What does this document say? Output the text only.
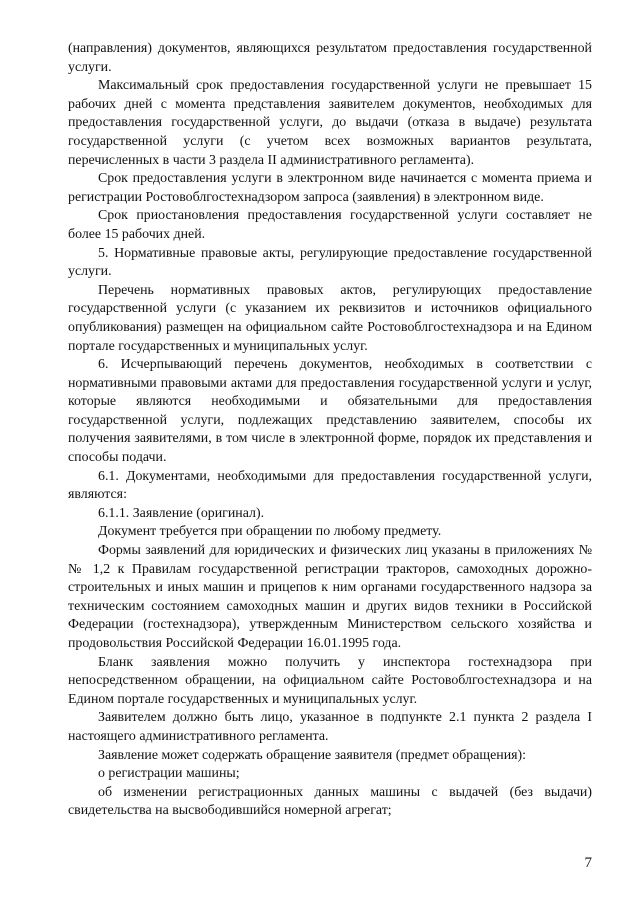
(направления) документов, являющихся результатом предоставления государственной услуги.

Максимальный срок предоставления государственной услуги не превышает 15 рабочих дней с момента представления заявителем документов, необходимых для предоставления государственной услуги, до выдачи (отказа в выдаче) результата государственной услуги (с учетом всех возможных вариантов результата, перечисленных в части 3 раздела II административного регламента).

Срок предоставления услуги в электронном виде начинается с момента приема и регистрации Ростовоблгостехнадзором запроса (заявления) в электронном виде.

Срок приостановления предоставления государственной услуги составляет не более 15 рабочих дней.

5. Нормативные правовые акты, регулирующие предоставление государственной услуги.

Перечень нормативных правовых актов, регулирующих предоставление государственной услуги (с указанием их реквизитов и источников официального опубликования) размещен на официальном сайте Ростовоблгостехнадзора и на Едином портале государственных и муниципальных услуг.

6. Исчерпывающий перечень документов, необходимых в соответствии с нормативными правовыми актами для предоставления государственной услуги и услуг, которые являются необходимыми и обязательными для предоставления государственной услуги, подлежащих представлению заявителем, способы их получения заявителями, в том числе в электронной форме, порядок их представления и способы подачи.

6.1. Документами, необходимыми для предоставления государственной услуги, являются:

6.1.1. Заявление (оригинал).

Документ требуется при обращении по любому предмету.

Формы заявлений для юридических и физических лиц указаны в приложениях №№ 1,2 к Правилам государственной регистрации тракторов, самоходных дорожно-строительных и иных машин и прицепов к ним органами государственного надзора за техническим состоянием самоходных машин и других видов техники в Российской Федерации (гостехнадзора), утвержденным Министерством сельского хозяйства и продовольствия Российской Федерации 16.01.1995 года.

Бланк заявления можно получить у инспектора гостехнадзора при непосредственном обращении, на официальном сайте Ростовоблгостехнадзора и на Едином портале государственных и муниципальных услуг.

Заявителем должно быть лицо, указанное в подпункте 2.1 пункта 2 раздела I настоящего административного регламента.

Заявление может содержать обращение заявителя (предмет обращения):

о регистрации машины;

об изменении регистрационных данных машины с выдачей (без выдачи) свидетельства на высвободившийся номерной агрегат;

7
